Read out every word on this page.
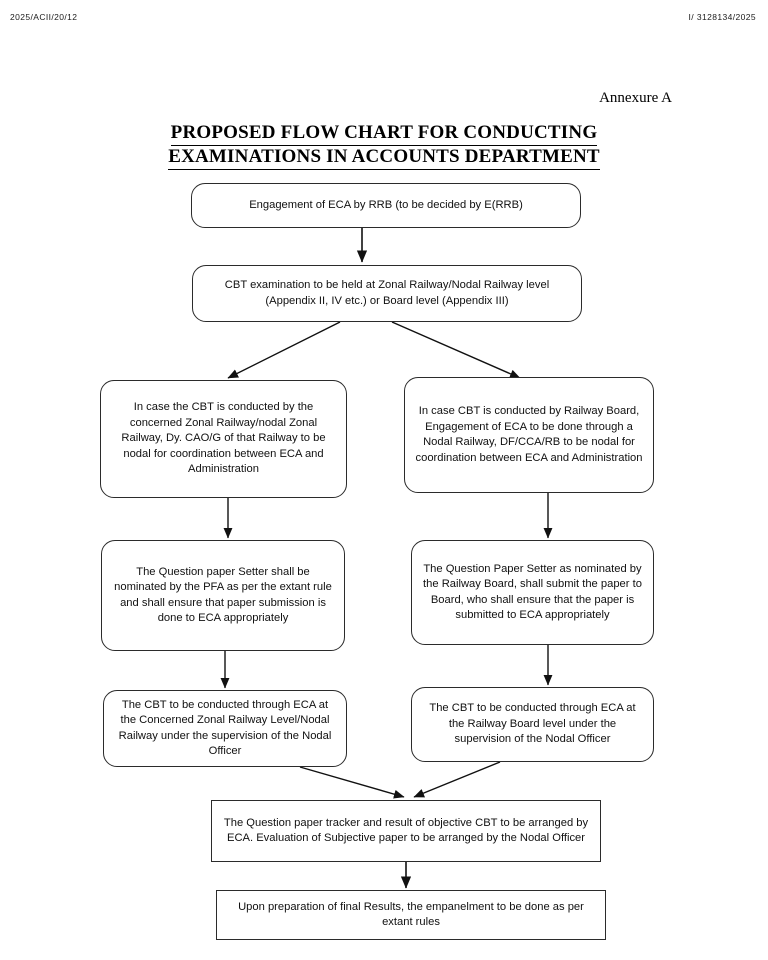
2025/ACII/20/12	I/ 3128134/2025
Annexure A
PROPOSED FLOW CHART FOR CONDUCTING
EXAMINATIONS IN ACCOUNTS DEPARTMENT
Engagement of ECA by RRB (to be decided by E(RRB)
CBT examination to be held at Zonal Railway/Nodal Railway level (Appendix II, IV etc.) or Board level (Appendix III)
In case the CBT is conducted by the concerned Zonal Railway/nodal Zonal Railway, Dy. CAO/G of that Railway to be nodal for coordination between ECA and Administration
In case CBT is conducted by Railway Board, Engagement of ECA to be done through a Nodal Railway, DF/CCA/RB to be nodal for coordination between ECA and Administration
The Question paper Setter shall be nominated by the PFA as per the extant rule and shall ensure that paper submission is done to ECA appropriately
The Question Paper Setter as nominated by the Railway Board, shall submit the paper to Board, who shall ensure that the paper is submitted to ECA appropriately
The CBT to be conducted through ECA at the Concerned Zonal Railway Level/Nodal Railway under the supervision of the Nodal Officer
The CBT to be conducted through ECA at the Railway Board level under the supervision of the Nodal Officer
The Question paper tracker and result of objective CBT to be arranged by ECA. Evaluation of Subjective paper to be arranged by the Nodal Officer
Upon preparation of final Results, the empanelment to be done as per extant rules
